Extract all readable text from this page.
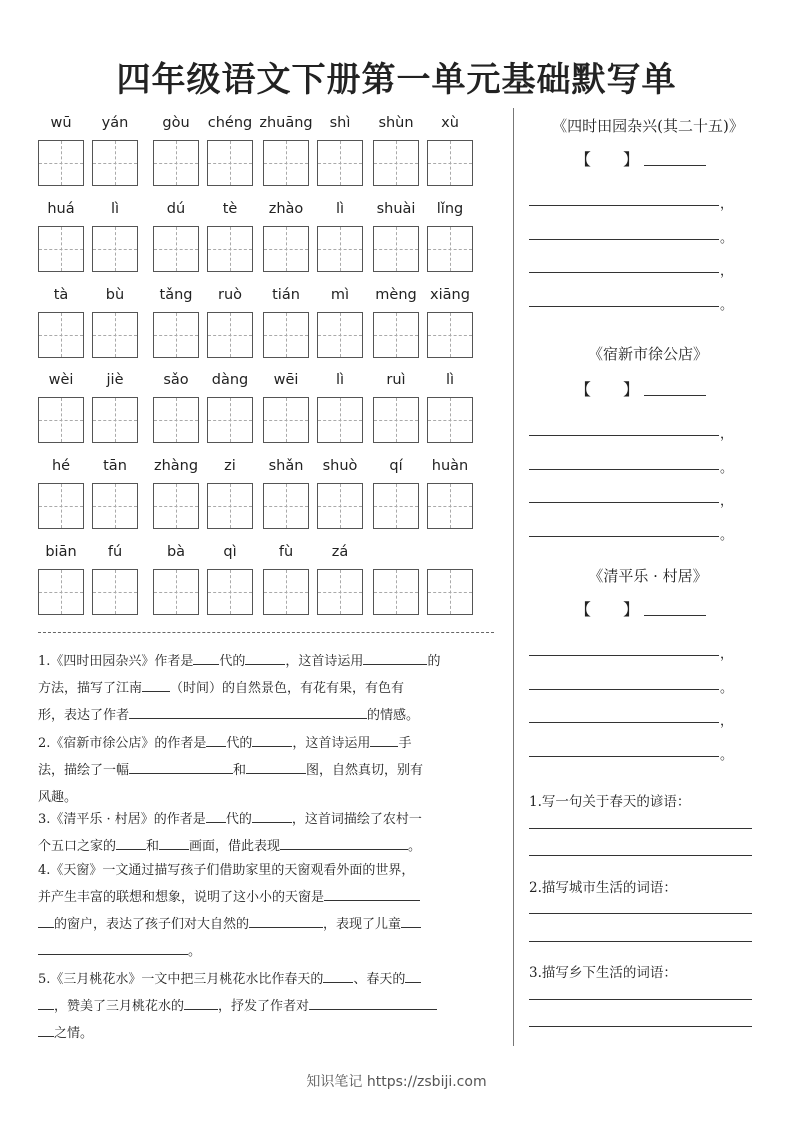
四年级语文下册第一单元基础默写单
wū yán gòu chéng zhuāng shì shùn xù
huá	lì	dú	tè zhào lì shuài lǐng
tà	bù tǎng ruò tián mì mèng xiāng
wèi jiè	sǎo dàng wēi	lì	ruì	lì
hé tān zhàng zi shǎn shuò qí huàn
biān fú	bà	qì	fù	zá
1.《四时田园杂兴》作者是 代的	，这首诗运用	的
方法，描写了江南 （时间）的自然景色，有花有果，有色有
形，表达了作者	的情感。
2.《宿新市徐公店》的作者是 代的	，这首诗运用 手
法，描绘了一幅	和	图，自然真切，别有
风趣。
3.《清平乐 · 村居》的作者是 代的	，这首词描绘了农村一
个五口之家的 和 画面，借此表现	。
4.《天窗》一文通过描写孩子们借助家里的天窗观看外面的世界，
并产生丰富的联想和想象，说明了这小小的天窗是
的窗户，表达了孩子们对大自然的	，表现了儿童
。
5.《三月桃花水》一文中把三月桃花水比作春天的 、春天的
，赞美了三月桃花水的	，抒发了作者对
之情。
《四时田园杂兴(其二十五)》
【　　】
《宿新市徐公店》
【　　】
《清平乐 · 村居》
【　　】
，
。
，
。
，
。
，
。
，
。
，
。
1.写一句关于春天的谚语：
2.描写城市生活的词语：
3.描写乡下生活的词语：
知识笔记 https://zsbiji.com
